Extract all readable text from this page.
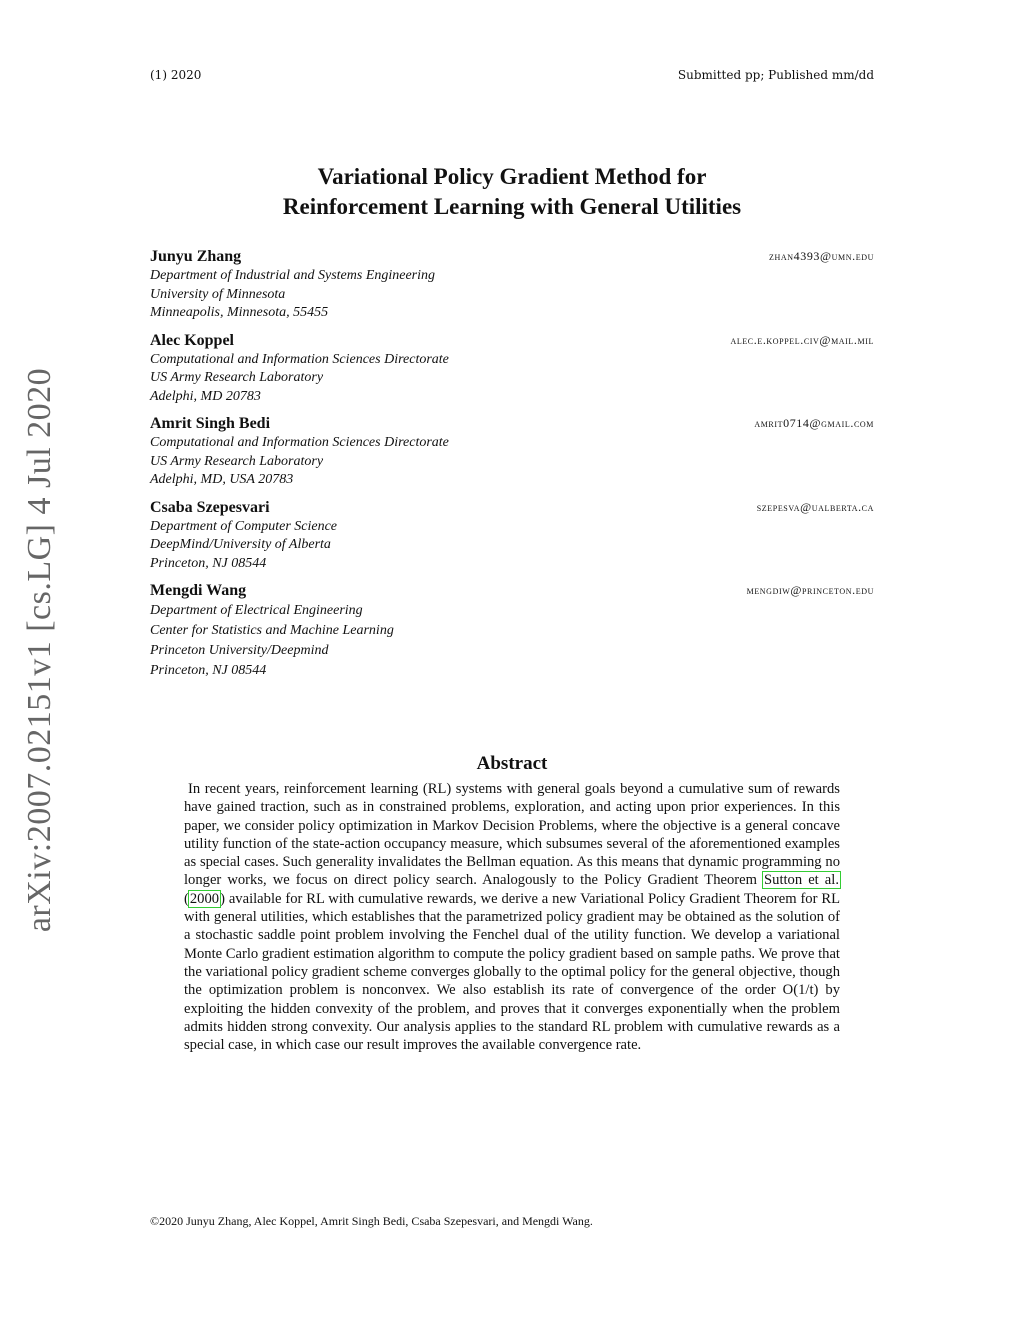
(1) 2020	Submitted pp; Published mm/dd
arXiv:2007.02151v1 [cs.LG] 4 Jul 2020
Variational Policy Gradient Method for
Reinforcement Learning with General Utilities
Junyu Zhang	zhan4393@umn.edu
Department of Industrial and Systems Engineering
University of Minnesota
Minneapolis, Minnesota, 55455
Alec Koppel	alec.e.koppel.civ@mail.mil
Computational and Information Sciences Directorate
US Army Research Laboratory
Adelphi, MD 20783
Amrit Singh Bedi	amrit0714@gmail.com
Computational and Information Sciences Directorate
US Army Research Laboratory
Adelphi, MD, USA 20783
Csaba Szepesvari	szepesva@ualberta.ca
Department of Computer Science
DeepMind/University of Alberta
Princeton, NJ 08544
Mengdi Wang	mengdiw@princeton.edu
Department of Electrical Engineering
Center for Statistics and Machine Learning
Princeton University/Deepmind
Princeton, NJ 08544
Abstract
In recent years, reinforcement learning (RL) systems with general goals beyond a cumulative sum of rewards have gained traction, such as in constrained problems, exploration, and acting upon prior experiences. In this paper, we consider policy optimization in Markov Decision Problems, where the objective is a general concave utility function of the state-action occupancy measure, which subsumes several of the aforementioned examples as special cases. Such generality invalidates the Bellman equation. As this means that dynamic programming no longer works, we focus on direct policy search. Analogously to the Policy Gradient Theorem Sutton et al. (2000) available for RL with cumulative rewards, we derive a new Variational Policy Gradient Theorem for RL with general utilities, which establishes that the parametrized policy gradient may be obtained as the solution of a stochastic saddle point problem involving the Fenchel dual of the utility function. We develop a variational Monte Carlo gradient estimation algorithm to compute the policy gradient based on sample paths. We prove that the variational policy gradient scheme converges globally to the optimal policy for the general objective, though the optimization problem is nonconvex. We also establish its rate of convergence of the order O(1/t) by exploiting the hidden convexity of the problem, and proves that it converges exponentially when the problem admits hidden strong convexity. Our analysis applies to the standard RL problem with cumulative rewards as a special case, in which case our result improves the available convergence rate.
©2020 Junyu Zhang, Alec Koppel, Amrit Singh Bedi, Csaba Szepesvari, and Mengdi Wang.
